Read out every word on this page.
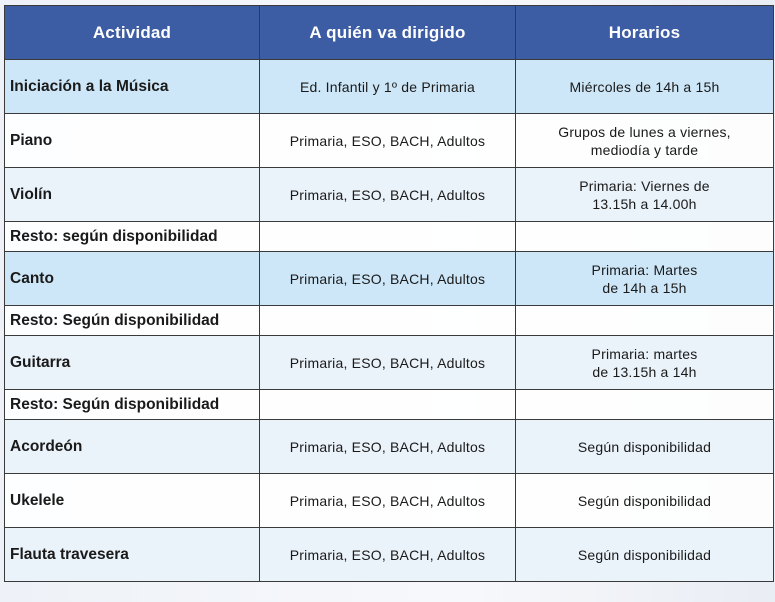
Actividad	A quién va dirigido	Horarios
Iniciación a la Música	Ed. Infantil y 1º de Primaria	Miércoles de 14h a 15h

Piano	Primaria, ESO, BACH, Adultos	Grupos de lunes a viernes,
mediodía y tarde

Violín	Primaria, ESO, BACH, Adultos	Primaria: Viernes de
13.15h a 14.00h

Resto: según disponibilidad		
Canto	Primaria, ESO, BACH, Adultos	Primaria: Martes
de 14h a 15h

Resto: Según disponibilidad		
Guitarra	Primaria, ESO, BACH, Adultos	Primaria: martes
de 13.15h a 14h

Resto: Según disponibilidad		
Acordeón	Primaria, ESO, BACH, Adultos	Según disponibilidad
Ukelele	Primaria, ESO, BACH, Adultos	Según disponibilidad
Flauta travesera	Primaria, ESO, BACH, Adultos	Según disponibilidad
